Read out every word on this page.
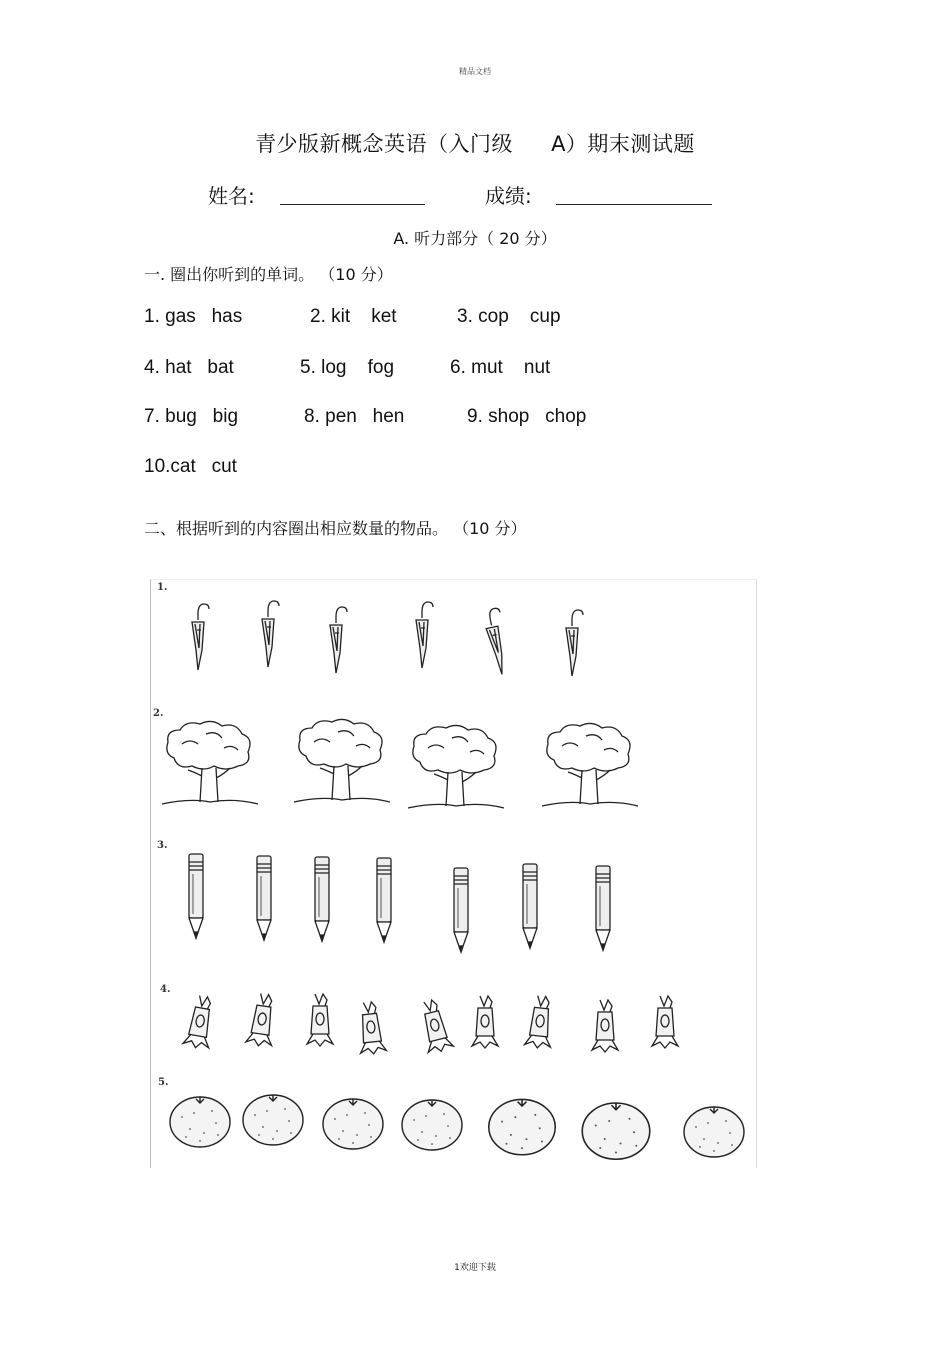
精品文档
青少版新概念英语（入门级 A）期末测试题
姓名:	成绩:
A. 听力部分（ 20 分）
一. 圈出你听到的单词。 （10 分）
1. gas   has	2. kit    ket	3. cop    cup
4. hat   bat	5. log    fog	6. mut    nut
7. bug   big	8. pen   hen	9. shop   chop
10.cat   cut
二、根据听到的内容圈出相应数量的物品。 （10 分）
1.
2.
3.
4.
5.
1欢迎下载
